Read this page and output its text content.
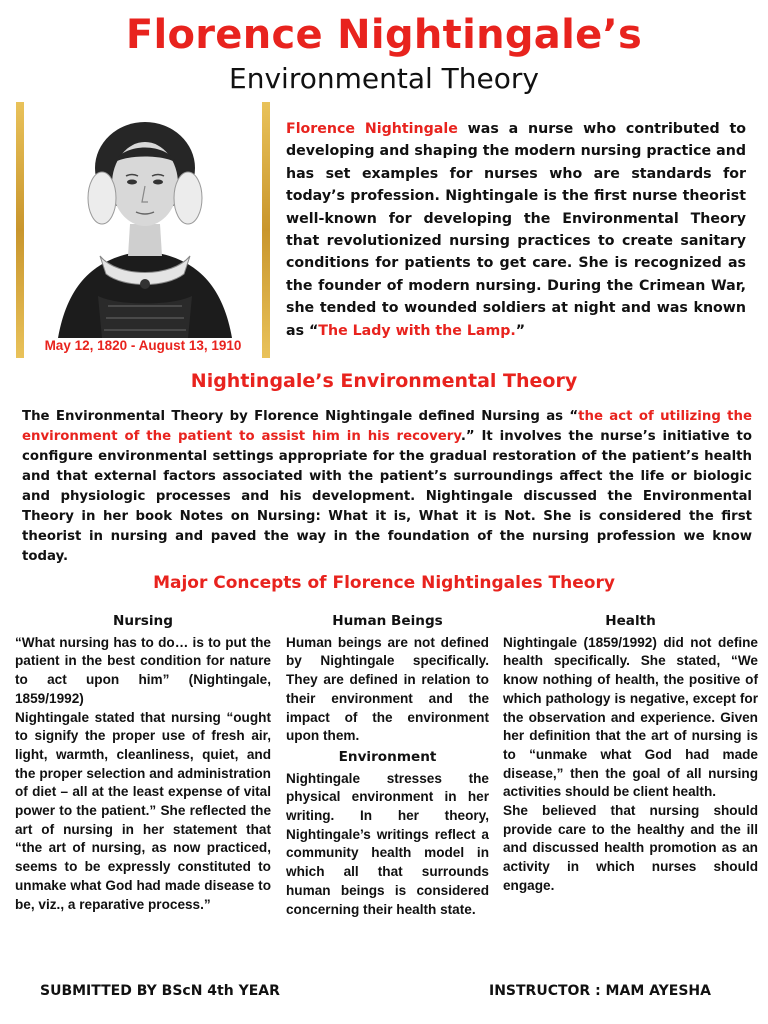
Florence Nightingale’s
Environmental Theory
May 12, 1820 - August 13, 1910
Florence Nightingale was a nurse who contributed to developing and shaping the modern nursing practice and has set examples for nurses who are standards for today’s profession. Nightingale is the first nurse theorist well-known for developing the Environmental Theory that revolutionized nursing practices to create sanitary conditions for patients to get care. She is recognized as the founder of modern nursing. During the Crimean War, she tended to wounded soldiers at night and was known as “The Lady with the Lamp.”
Nightingale’s Environmental Theory
The Environmental Theory by Florence Nightingale defined Nursing as “the act of utilizing the environment of the patient to assist him in his recovery.” It involves the nurse’s initiative to configure environmental settings appropriate for the gradual restoration of the patient’s health and that external factors associated with the patient’s surroundings affect the life or biologic and physiologic processes and his development. Nightingale discussed the Environmental Theory in her book Notes on Nursing: What it is, What it is Not. She is considered the first theorist in nursing and paved the way in the foundation of the nursing profession we know today.
Major Concepts of Florence Nightingales Theory
Nursing

“What nursing has to do… is to put the patient in the best condition for nature to act upon him” (Nightingale, 1859/1992)

Nightingale stated that nursing “ought to signify the proper use of fresh air, light, warmth, cleanliness, quiet, and the proper selection and administration of diet – all at the least expense of vital power to the patient.” She reflected the art of nursing in her statement that “the art of nursing, as now practiced, seems to be expressly constituted to unmake what God had made disease to be, viz., a reparative process.”

Human Beings

Human beings are not defined by Nightingale specifically. They are defined in relation to their environment and the impact of the environment upon them.

Environment

Nightingale stresses the physical environment in her writing. In her theory, Nightingale’s writings reflect a community health model in which all that surrounds human beings is considered concerning their health state.

Health

Nightingale (1859/1992) did not define health specifically. She stated, “We know nothing of health, the positive of which pathology is negative, except for the observation and experience. Given her definition that the art of nursing is to “unmake what God had made disease,” then the goal of all nursing activities should be client health.

She believed that nursing should provide care to the healthy and the ill and discussed health promotion as an activity in which nurses should engage.

SUBMITTED BY BScN 4th YEAR	INSTRUCTOR : MAM AYESHA
